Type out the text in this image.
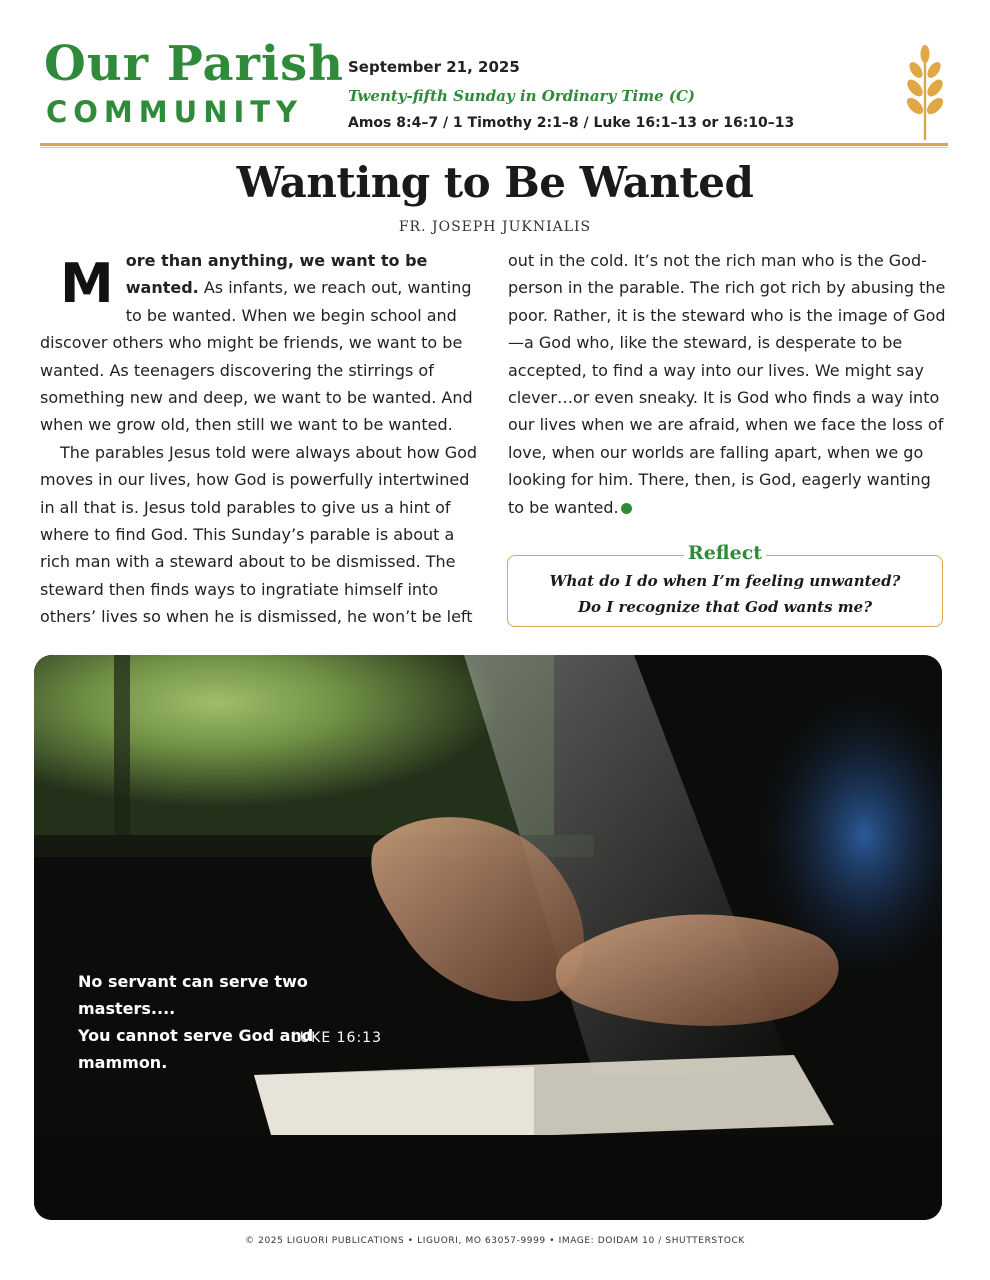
Our Parish
COMMUNITY
September 21, 2025
Twenty-fifth Sunday in Ordinary Time (C)
Amos 8:4–7 / 1 Timothy 2:1–8 / Luke 16:1–13 or 16:10–13
Wanting to Be Wanted
FR. JOSEPH JUKNIALIS

More than anything, we want to be wanted. As infants, we reach out, wanting to be wanted. When we begin school and discover others who might be friends, we want to be wanted. As teenagers discovering the stirrings of something new and deep, we want to be wanted. And when we grow old, then still we want to be wanted.

The parables Jesus told were always about how God moves in our lives, how God is powerfully intertwined in all that is. Jesus told parables to give us a hint of where to find God. This Sunday’s parable is about a rich man with a steward about to be dismissed. The steward then finds ways to ingratiate himself into others’ lives so when he is dismissed, he won’t be left

out in the cold. It’s not the rich man who is the God-person in the parable. The rich got rich by abusing the poor. Rather, it is the steward who is the image of God—a God who, like the steward, is desperate to be accepted, to find a way into our lives. We might say clever…or even sneaky. It is God who finds a way into our lives when we are afraid, when we face the loss of love, when our worlds are falling apart, when we go looking for him. There, then, is God, eagerly wanting to be wanted.

Reflect
What do I do when I’m feeling unwanted?
Do I recognize that God wants me?
No servant can serve two masters....
You cannot serve God and mammon.
LUKE 16:13
© 2025 LIGUORI PUBLICATIONS • LIGUORI, MO 63057-9999 • IMAGE: DOIDAM 10 / SHUTTERSTOCK
